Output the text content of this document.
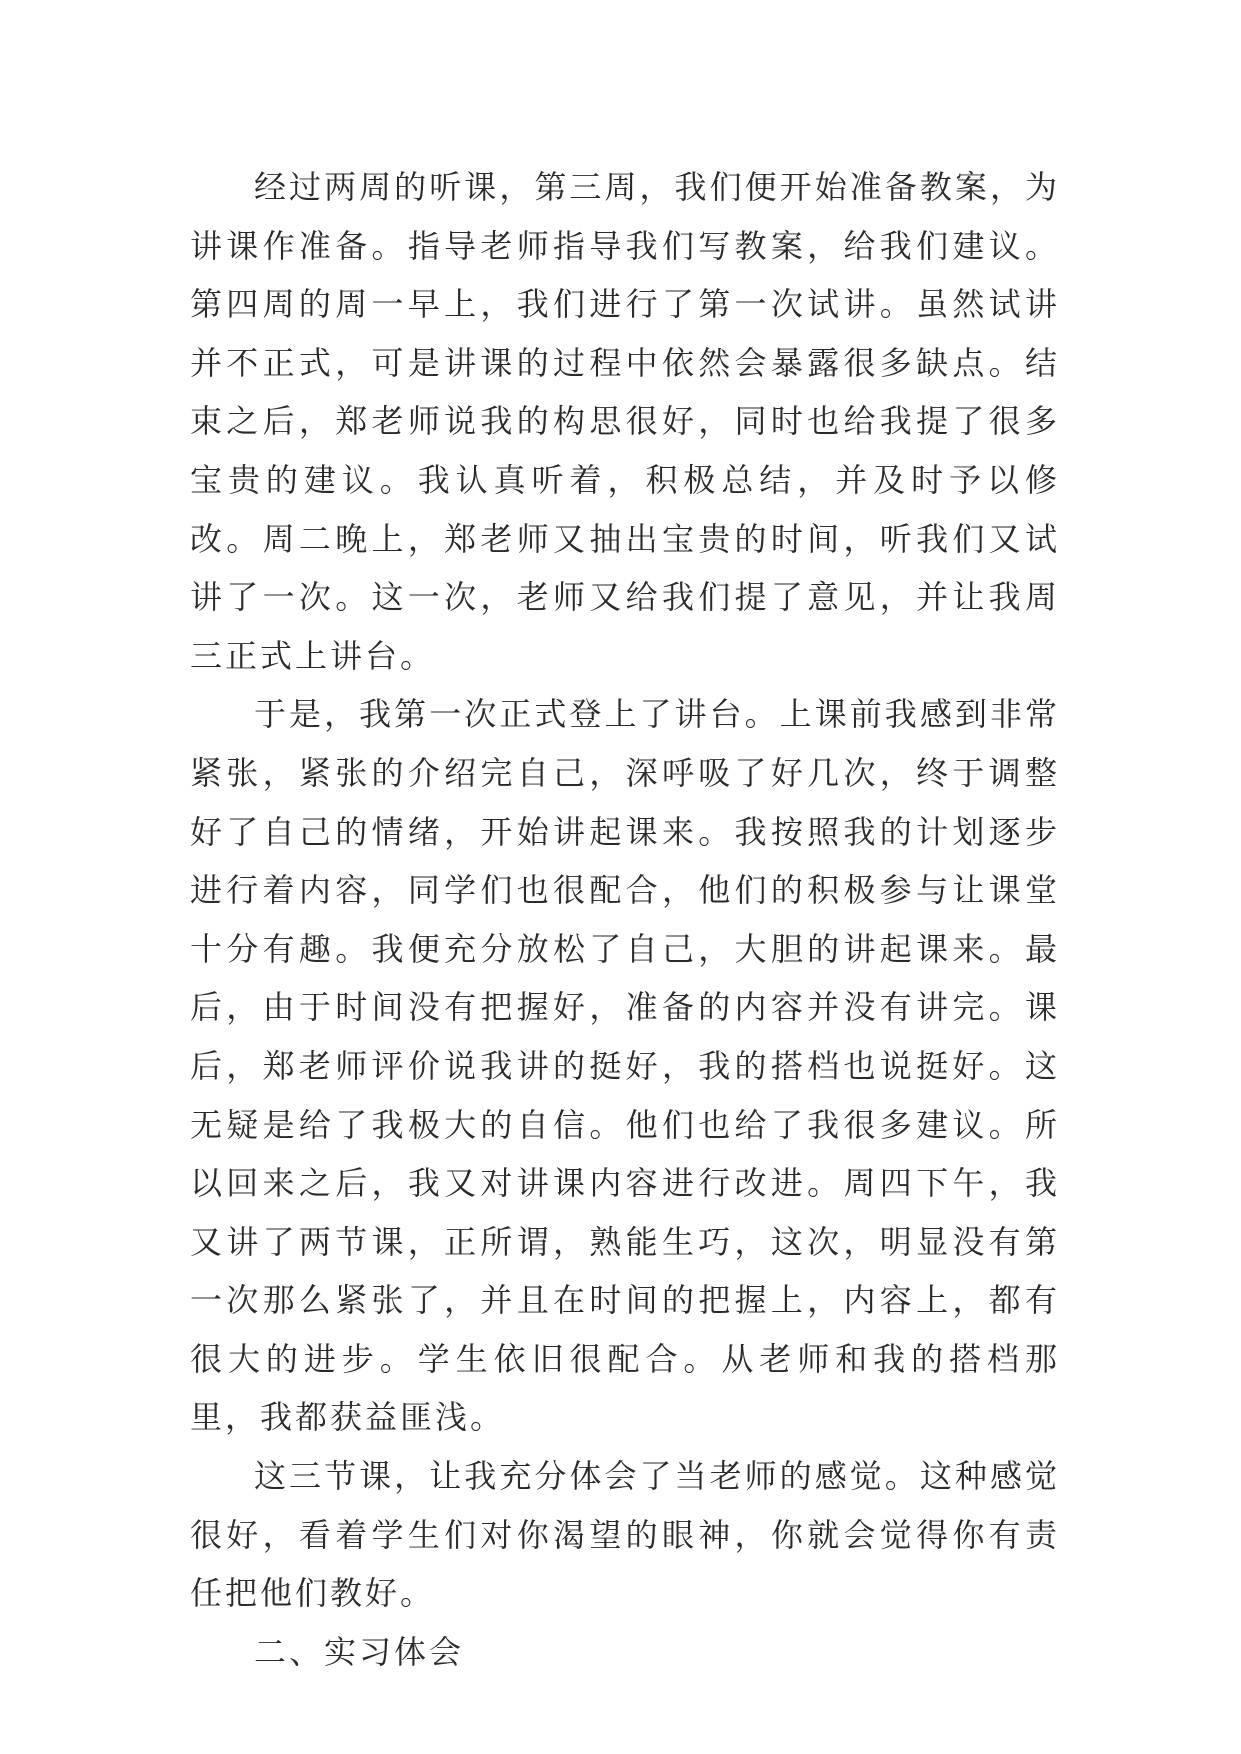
经过两周的听课，第三周，我们便开始准备教案，为讲课作准备。指导老师指导我们写教案，给我们建议。第四周的周一早上，我们进行了第一次试讲。虽然试讲并不正式，可是讲课的过程中依然会暴露很多缺点。结束之后，郑老师说我的构思很好，同时也给我提了很多宝贵的建议。我认真听着，积极总结，并及时予以修改。周二晚上，郑老师又抽出宝贵的时间，听我们又试讲了一次。这一次，老师又给我们提了意见，并让我周三正式上讲台。

于是，我第一次正式登上了讲台。上课前我感到非常紧张，紧张的介绍完自己，深呼吸了好几次，终于调整好了自己的情绪，开始讲起课来。我按照我的计划逐步进行着内容，同学们也很配合，他们的积极参与让课堂十分有趣。我便充分放松了自己，大胆的讲起课来。最后，由于时间没有把握好，准备的内容并没有讲完。课后，郑老师评价说我讲的挺好，我的搭档也说挺好。这无疑是给了我极大的自信。他们也给了我很多建议。所以回来之后，我又对讲课内容进行改进。周四下午，我又讲了两节课，正所谓，熟能生巧，这次，明显没有第一次那么紧张了，并且在时间的把握上，内容上，都有很大的进步。学生依旧很配合。从老师和我的搭档那里，我都获益匪浅。

这三节课，让我充分体会了当老师的感觉。这种感觉很好，看着学生们对你渴望的眼神，你就会觉得你有责任把他们教好。

二、实习体会
